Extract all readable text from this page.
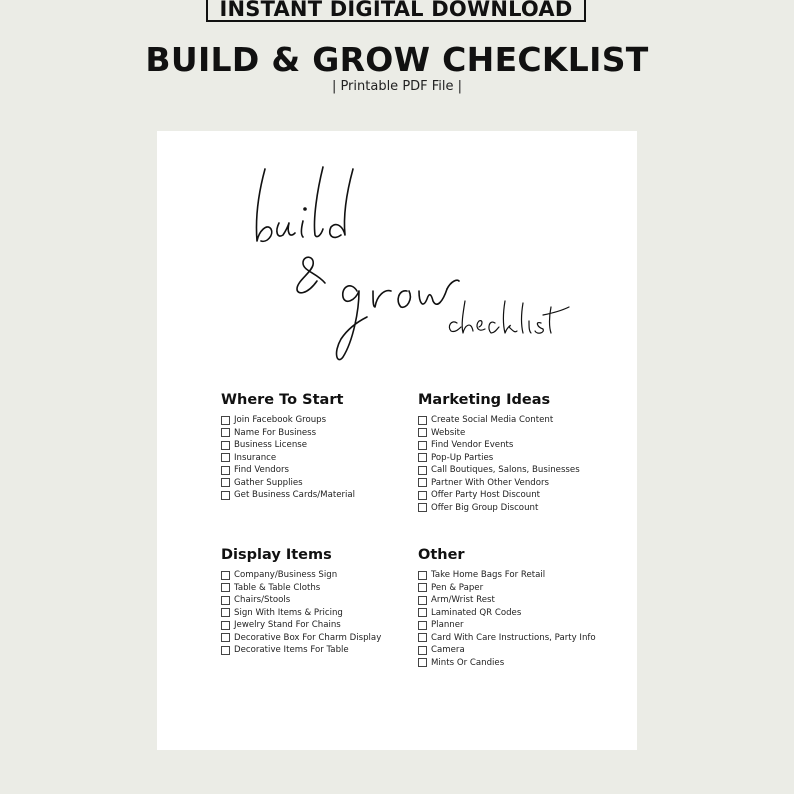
INSTANT DIGITAL DOWNLOAD
BUILD & GROW CHECKLIST
| Printable PDF File |
Where To Start
Join Facebook Groups
Name For Business
Business License
Insurance
Find Vendors
Gather Supplies
Get Business Cards/Material
Marketing Ideas
Create Social Media Content
Website
Find Vendor Events
Pop-Up Parties
Call Boutiques, Salons, Businesses
Partner With Other Vendors
Offer Party Host Discount
Offer Big Group Discount
Display Items
Company/Business Sign
Table & Table Cloths
Chairs/Stools
Sign With Items & Pricing
Jewelry Stand For Chains
Decorative Box For Charm Display
Decorative Items For Table
Other
Take Home Bags For Retail
Pen & Paper
Arm/Wrist Rest
Laminated QR Codes
Planner
Card With Care Instructions, Party Info
Camera
Mints Or Candies
